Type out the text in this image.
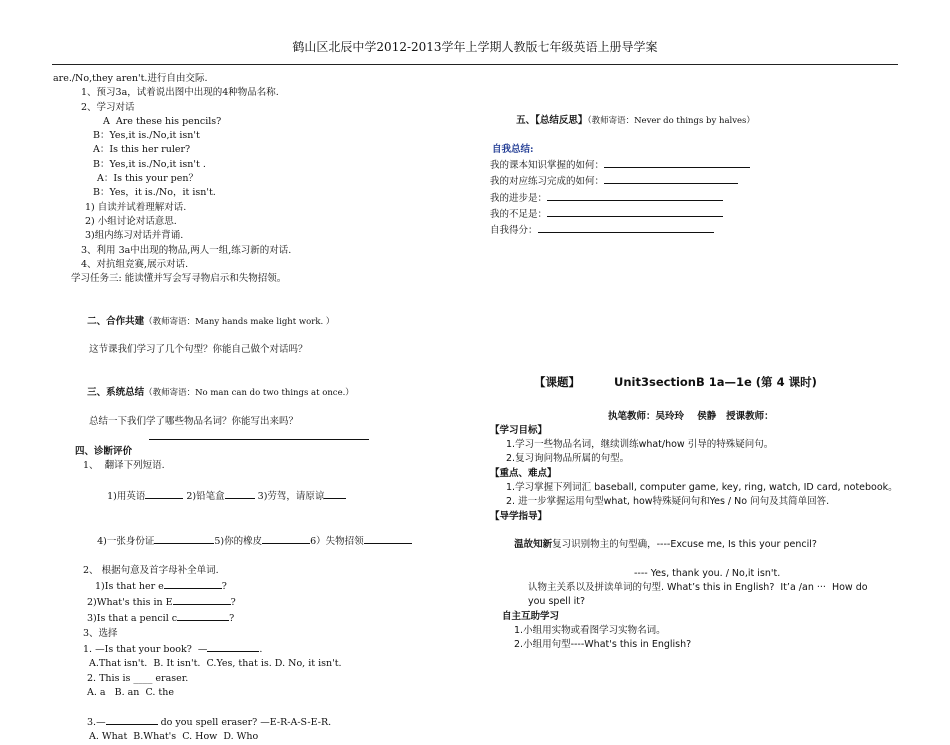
鹤山区北辰中学2012-2013学年上学期人教版七年级英语上册导学案
are./No,they aren't.进行自由交际.
1、预习3a，试着说出图中出现的4种物品名称.
2、学习对话
A  Are these his pencils?
B：Yes,it is./No,it isn't
A：Is this her ruler?
B：Yes,it is./No,it isn't .
A：Is this your pen？
B：Yes，it is./No，it isn't.
1) 自读并试着理解对话.
2) 小组讨论对话意思.
3)组内练习对话并背诵.
3、利用 3a中出现的物品,两人一组,练习新的对话.
4、对抗组竞赛,展示对话.
学习任务三: 能读懂并写会写寻物启示和失物招领。

二、合作共建（教师寄语：Many hands make light work. ）

这节课我们学习了几个句型？你能自己做个对话吗？

三、系统总结（教师寄语：No man can do two things at once.）

总结一下我们学了哪些物品名词？你能写出来吗？
四、诊断评价
1、  翻译下列短语.

1)用英语	2)铅笔盒	3)劳驾，请原谅

4)一张身份证	5)你的橡皮	6）失物招领

2、 根据句意及首字母补全单词.
1)Is that her e	?
2)What's this in E	?
3)Is that a pencil c	?
3、选择
1. —Is that your book?  —	.
A.That isn't.  B. It isn't.  C.Yes, that is. D. No, it isn't.
2. This is ____ eraser.
A. a   B. an  C. the
3.—	do you spell eraser? —E-R-A-S-E-R.
A. What  B.What's  C. How  D. Who

五、【总结反思】（教师寄语：Never do things by halves）

自我总结:
我的课本知识掌握的如何：
我的对应练习完成的如何：
我的进步是：
我的不足是：
自我得分：

【课题】	Unit3sectionB 1a—1e (第 4 课时)

执笔教师：吴玲玲    侯静   授课教师：
【学习目标】
1.学习一些物品名词，继续训练what/how 引导的特殊疑问句。
2.复习询问物品所属的句型。
【重点、难点】
1.学习掌握下列词汇 baseball, computer game, key, ring, watch, ID card, notebook。
2. 进一步掌握运用句型what, how特殊疑问句和Yes / No 问句及其简单回答.
【导学指导】

温故知新复习识别物主的句型确，----Excuse me, Is this your pencil?

---- Yes, thank you. / No,it isn't.
认物主关系以及拼读单词的句型. What’s this in English?  It’a /an ···  How do
you spell it?
自主互助学习
1.小组用实物或看图学习实物名词。
2.小组用句型----What's this in English?
